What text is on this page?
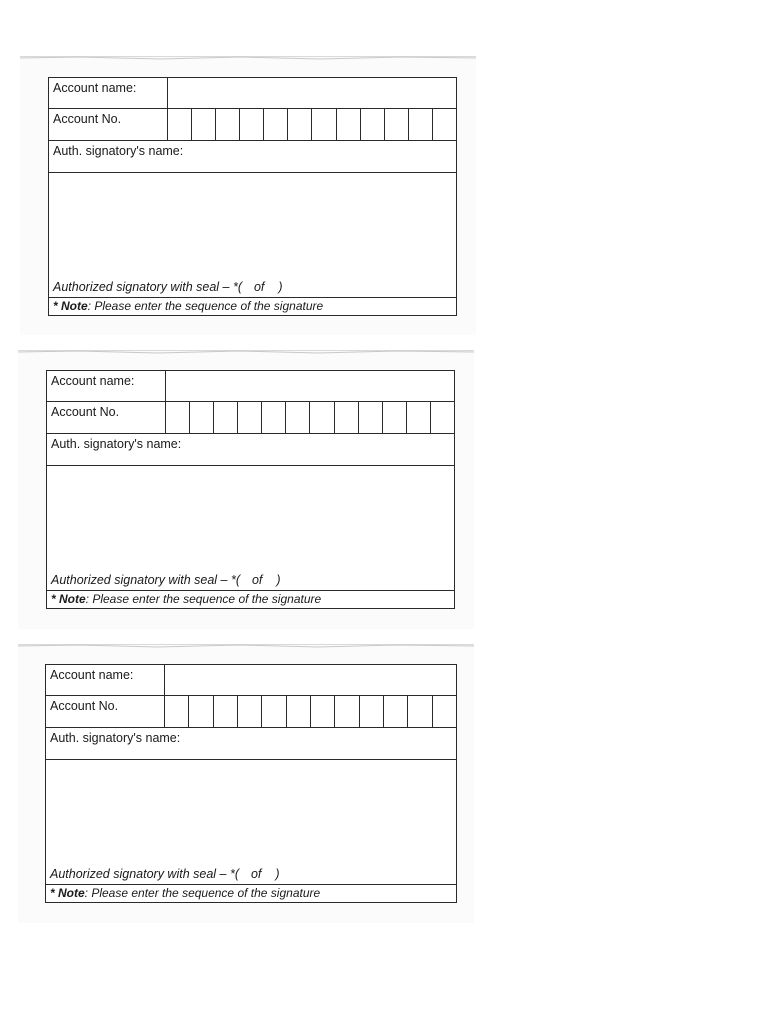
Account name:
Account No.
Auth. signatory's name:
Authorized signatory with seal – *( of )
* Note: Please enter the sequence of the signature
Account name:
Account No.
Auth. signatory's name:
Authorized signatory with seal – *( of )
* Note: Please enter the sequence of the signature
Account name:
Account No.
Auth. signatory's name:
Authorized signatory with seal – *( of )
* Note: Please enter the sequence of the signature
